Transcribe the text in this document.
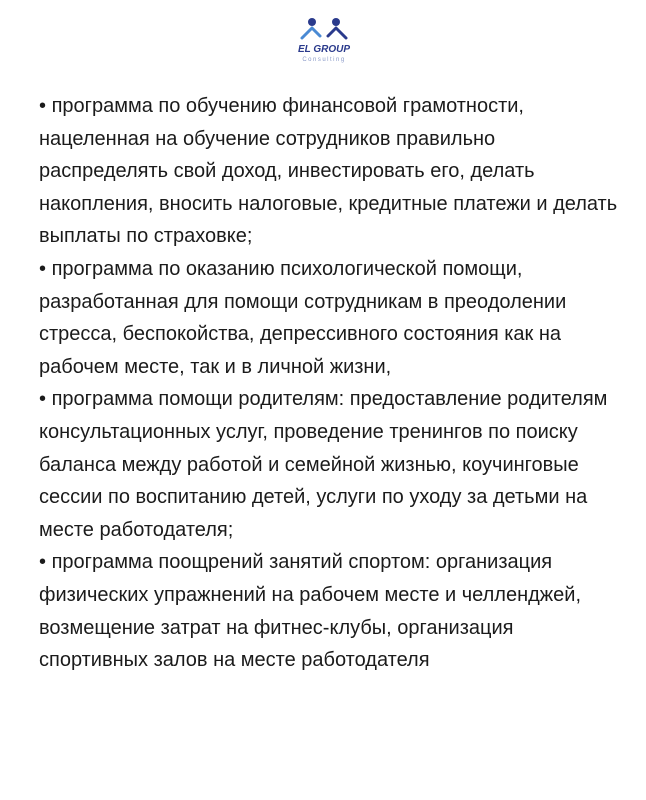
EL GROUP
Consulting

• программа по обучению финансовой грамотности, нацеленная на обучение сотрудников правильно распределять свой доход, инвестировать его, делать накопления, вносить налоговые, кредитные платежи и делать выплаты по страховке;

• программа по оказанию психологической помощи, разработанная для помощи сотрудникам в преодолении стресса, беспокойства, депрессивного состояния как на рабочем месте, так и в личной жизни,

• программа помощи родителям: предоставление родителям консультационных услуг, проведение тренингов по поиску баланса между работой и семейной жизнью, коучинговые сессии по воспитанию детей, услуги по уходу за детьми на месте работодателя;

• программа поощрений занятий спортом: организация физических упражнений на рабочем месте и челленджей, возмещение затрат на фитнес-клубы, организация спортивных залов на месте работодателя
